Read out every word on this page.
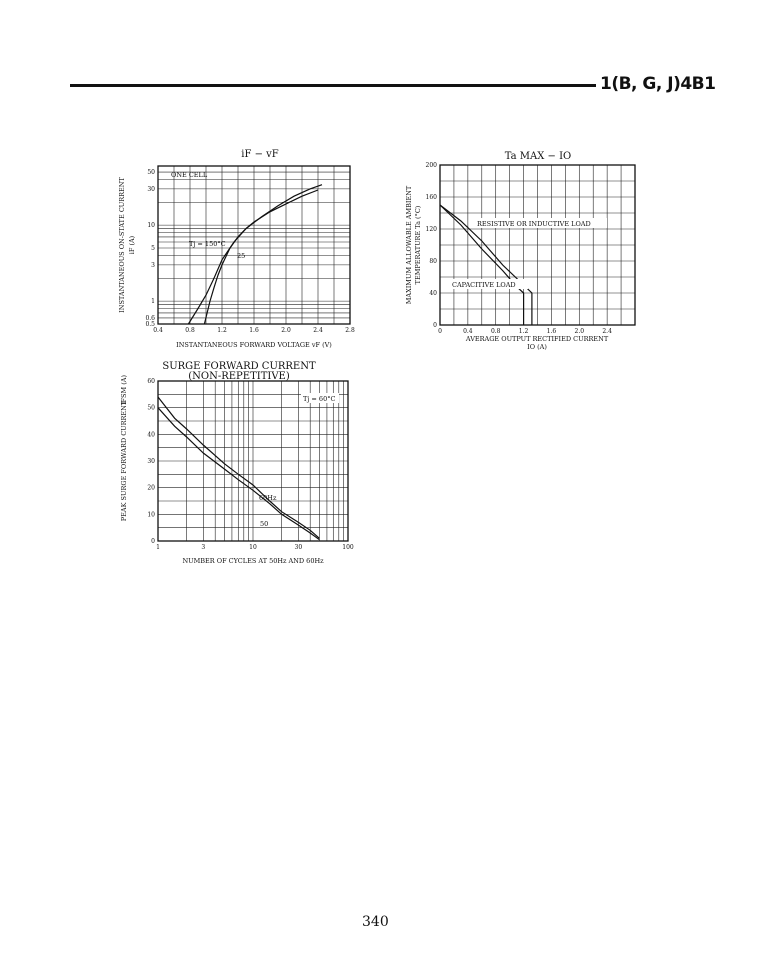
1(B, G, J)4B1
340
iF − vF
0.5
0.6
1
3
5
10
30
50
0.4	0.8	1.2	1.6	2.0	2.4	2.8
ONE CELL
Tj = 150°C
25
INSTANTANEOUS FORWARD VOLTAGE vF (V)
INSTANTANEOUS ON-STATE CURRENT iF (A)
Ta MAX − IO
0
40
80
120
160
200
0	0.4	0.8	1.2	1.6	2.0	2.4
RESISTIVE OR INDUCTIVE LOAD
CAPACITIVE LOAD
AVERAGE OUTPUT RECTIFIED CURRENT
IO (A)
MAXIMUM ALLOWABLE AMBIENT TEMPERATURE Ta (°C)
SURGE FORWARD CURRENT
(NON-REPETITIVE)
0
10
20
30
40
50
60
1	3	10	30	100
Tj = 60°C
60Hz
50
NUMBER OF CYCLES AT 50Hz AND 60Hz
PEAK SURGE FORWARD CURRENT
IFSM (A)
